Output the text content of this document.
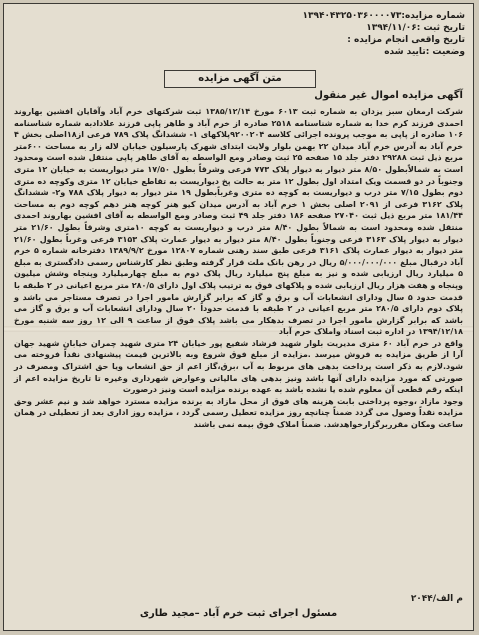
شماره مزایده:۱۳۹۴۰۴۳۲۵۰۳۶۰۰۰۰۷۳
تاریخ ثبت :۱۳۹۴/۱۱/۰۶
تاریخ واقعی انجام مزایده :
وضعیت :تایید شده
متن آگهی مزایده
آگهی مزایده اموال غیر منقول

شرکت ارمغان سبز یزدان به شماره ثبت ۶۰۱۳ مورخ ۱۳۸۵/۱۲/۱۴ ثبت شرکتهای خرم آباد وآقایان افشین بهاروند احمدی فرزند کرم خدا به شماره شناسنامه ۲۵۱۸ صادره از خرم آباد و طاهر پاپی فرزند علادادبه شماره شناسنامه ۱۰۶ صادره از پاپی به موجب پرونده اجرائی کلاسه ۹۲۰۰۲۰۴پلاکهای ۱- ششدانگ پلاک ۷۸۹ فرعی از۱۸اصلی بخش ۴ خرم آباد به آدرس خرم آباد میدان ۲۲ بهمن بلوار ولایت ابتدای شهرک پارسیلون خیابان لاله زار به مساحت ۶۰۰متر مربع ذیل ثبت ۲۹۲۸۸ دفتر جلد ۱۵ صفحه ۲۵ ثبت وصادر ومع الواسطه به آقای طاهر پاپی منتقل شده است ومحدود است به شمالاًبطول ۸/۵۰ متر دیوار به دیوار پلاک ۷۷۳ فرعی وشرقاً بطول ۱۷/۵۰ متر دیواریست به خیابان ۱۲ متری وجنوباً در دو قسمت ویک امتداد اول بطول ۱۲ متر به حالت پخ دیواریست به تقاطع خیابان ۱۲ متری وکوچه ده متری دوم بطول ۷/۱۵ متر درب و دیواریست به کوچه ده متری وغرباًبطول ۱۹ متر دیوار به دیوار پلاک ۷۸۸ و۲- ششدانگ پلاک ۳۱۶۲ فرعی از ۲۰۹۱ اصلی بخش ۱ خرم آباد به آدرس میدان کیو هنر کوچه هنر دهم کوچه دوم به مساحت ۱۸۱/۴۴ متر مربع ذیل ثبت ۲۷۰۴۰ صفحه ۱۸۶ دفتر جلد ۴۹ ثبت وصادر ومع الواسطه به آقای افشین بهاروند احمدی منتقل شده ومحدود است به شمالاً بطول ۸/۴۰ متر درب و دیواریست به کوچه ۱۰متری وشرقاً بطول ۲۱/۶۰ متر دیوار به دیوار پلاک ۳۱۶۳ فرعی وجنوباً بطول ۸/۴۰ متر دیوار به دیوار عمارت پلاک ۳۱۵۳ فرعی وغرباً بطول ۲۱/۶۰ متر دیوار به دیوار عمارت پلاک ۳۱۶۱ فرعی طبق سند رهنی شماره ۱۲۸۰۷ مورخ ۱۳۸۹/۹/۲ دفترخانه شماره ۵ خرم آباد درقبال مبلغ ۵/۰۰۰/۰۰۰/۰۰۰ ریال در رهن بانک ملت قرار گرفته وطبق نظر کارشناس رسمی دادگستری به مبلغ ۵ میلیارد ریال ارزیابی شده و نیز به مبلغ پنج میلیارد ریال پلاک دوم به مبلغ چهارمیلیارد وپنجاه وشش میلیون وپنجاه و هفت هزار ریال ارزیابی شده و پلاکهای فوق به ترتیب پلاک اول دارای ۲۸۰/۵ متر مربع اعیانی در ۲ طبقه با قدمت حدود ۵ سال ودارای انشعابات آب و برق و گاز که برابر گزارش مامور اجرا در تصرف مستاجر می باشد و پلاک دوم دارای ۲۸۰/۵ متر مربع اعیانی در ۲ طبقه با قدمت حدوداً ۲۰ سال ودارای انشعابات آب و برق و گاز می باشد که برابر گزارش مامور اجرا در تصرف بدهکار می باشد پلاک فوق از ساعت ۹ الی ۱۲ روز سه شنبه مورخ ۱۳۹۴/۱۲/۱۸ در اداره ثبت اسناد واملاک خرم آباد

واقع در خرم آباد ۶۰ متری مدیریت بلوار شهید فرشاد شفیع پور خیابان ۲۴ متری شهید چمران خیابان شهید جهان آرا از طریق مزایده به فروش میرسد .مزایده از مبلغ فوق شروع وبه بالاترین قیمت پیشنهادی نقداً فروخته می شود.لازم به ذکر است پرداخت بدهی های مربوط به آب ،برق،گاز اعم از حق انشعاب ویا حق اشتراک ومصرف در صورتی که مورد مزایده دارای آنها باشد ونیز بدهی های مالیاتی وعوارض شهرداری وغیره تا تاریخ مزایده اعم از اینکه رقم قطعی آن معلوم شده یا نشده باشد به عهده برنده مزایده است ونیز درصورت

وجود مازاد ،وجوه پرداختی بابت هزینه های فوق از محل مازاد به برنده مزایده مسترد خواهد شد و نیم عشر وحق مزایده نقداً وصول می گردد ضمناً چنانچه روز مزایده تعطیل رسمی گردد ، مزایده روز اداری بعد از تعطیلی در همان ساعت ومکان مقرربرگزارخواهدشد. ضمناً املاک فوق بیمه نمی باشند

م الف/۲۰۴۴
مسئول اجرای ثبت خرم آباد –مجید طاری
